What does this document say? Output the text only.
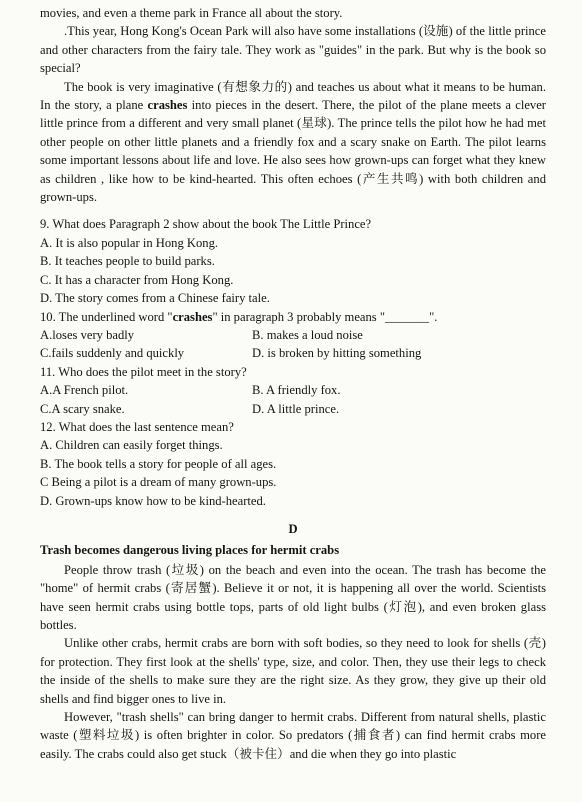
movies, and even a theme park in France all about the story.

.This year, Hong Kong's Ocean Park will also have some installations (设施) of the little prince and other characters from the fairy tale. They work as "guides" in the park. But why is the book so special?

The book is very imaginative (有想象力的) and teaches us about what it means to be human. In the story, a plane crashes into pieces in the desert. There, the pilot of the plane meets a clever little prince from a different and very small planet (星球). The prince tells the pilot how he had met other people on other little planets and a friendly fox and a scary snake on Earth. The pilot learns some important lessons about life and love. He also sees how grown-ups can forget what they knew as children , like how to be kind-hearted. This often echoes (产生共鸣) with both children and grown-ups.

9. What does Paragraph 2 show about the book The Little Prince?

A. It is also popular in Hong Kong.

B. It teaches people to build parks.

C. It has a character from Hong Kong.

D. The story comes from a Chinese fairy tale.

10. The underlined word "crashes" in paragraph 3 probably means "_______".

A.loses very badly	B. makes a loud noise
C.fails suddenly and quickly	D. is broken by hitting something

11. Who does the pilot meet in the story?

A.A French pilot.	B. A friendly fox.
C.A scary snake.	D. A little prince.

12. What does the last sentence mean?

A. Children can easily forget things.

B. The book tells a story for people of all ages.

C Being a pilot is a dream of many grown-ups.

D. Grown-ups know how to be kind-hearted.

D

Trash becomes dangerous living places for hermit crabs

People throw trash (垃圾) on the beach and even into the ocean. The trash has become the "home" of hermit crabs (寄居蟹). Believe it or not, it is happening all over the world. Scientists have seen hermit crabs using bottle tops, parts of old light bulbs (灯泡), and even broken glass bottles.

Unlike other crabs, hermit crabs are born with soft bodies, so they need to look for shells (壳) for protection. They first look at the shells' type, size, and color. Then, they use their legs to check the inside of the shells to make sure they are the right size. As they grow, they give up their old shells and find bigger ones to live in.

However, "trash shells" can bring danger to hermit crabs. Different from natural shells, plastic waste (塑料垃圾) is often brighter in color. So predators (捕食者) can find hermit crabs more easily. The crabs could also get stuck（被卡住）and die when they go into plastic
